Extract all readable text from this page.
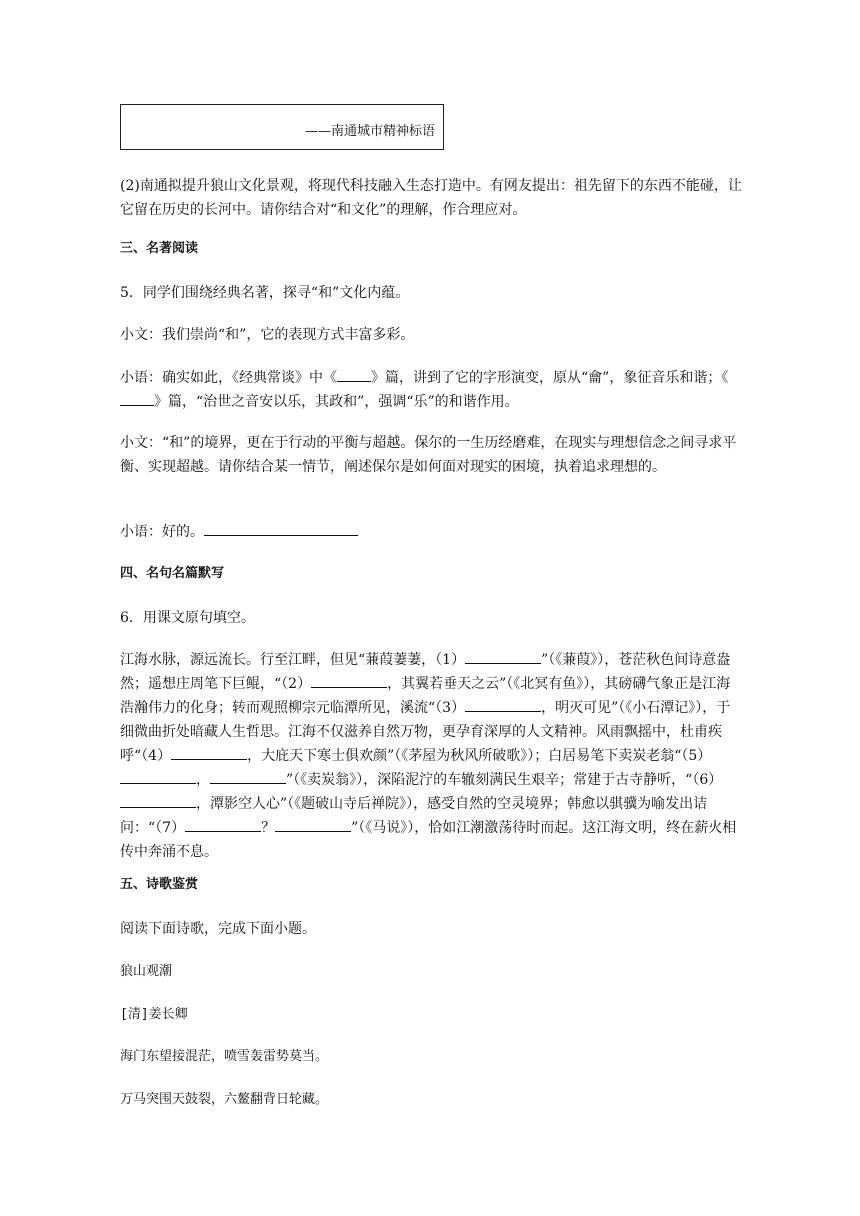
——南通城市精神标语

(2)南通拟提升狼山文化景观，将现代科技融入生态打造中。有网友提出：祖先留下的东西不能碰，让它留在历史的长河中。请你结合对“和文化”的理解，作合理应对。

三、名著阅读

5．同学们围绕经典名著，探寻“和”文化内蕴。

小文：我们崇尚“和”，它的表现方式丰富多彩。

小语：确实如此，《经典常谈》中《 》篇，讲到了它的字形演变，原从“龠”，象征音乐和谐；《》篇，“治世之音安以乐，其政和”，强调“乐”的和谐作用。

小文：“和”的境界，更在于行动的平衡与超越。保尔的一生历经磨难，在现实与理想信念之间寻求平衡、实现超越。请你结合某一情节，阐述保尔是如何面对现实的困境，执着追求理想的。

小语：好的。

四、名句名篇默写

6．用课文原句填空。

江海水脉，源远流长。行至江畔，但见“蒹葭萋萋，（1）	”（《蒹葭》），苍茫秋色间诗意盎然；遥想庄周笔下巨鲲，“（2）	，其翼若垂天之云”（《北冥有鱼》），其磅礴气象正是江海浩瀚伟力的化身；转而观照柳宗元临潭所见，溪流“（3）	，明灭可见”（《小石潭记》），于细微曲折处暗藏人生哲思。江海不仅滋养自然万物，更孕育深厚的人文精神。风雨飘摇中，杜甫疾呼“（4）	，大庇天下寒士俱欢颜”（《茅屋为秋风所破歌》）；白居易笔下卖炭老翁“（5），	”（《卖炭翁》），深陷泥泞的车辙刻满民生艰辛；常建于古寺静听，“（6），潭影空人心”（《题破山寺后禅院》），感受自然的空灵境界；韩愈以骐骥为喻发出诘问：“（7）	？	”（《马说》），恰如江潮激荡待时而起。这江海文明，终在薪火相传中奔涌不息。

五、诗歌鉴赏

阅读下面诗歌，完成下面小题。

狼山观潮

[清]姜长卿

海门东望接混茫，喷雪轰雷势莫当。

万马突围天鼓裂，六鳌翻背日轮藏。
